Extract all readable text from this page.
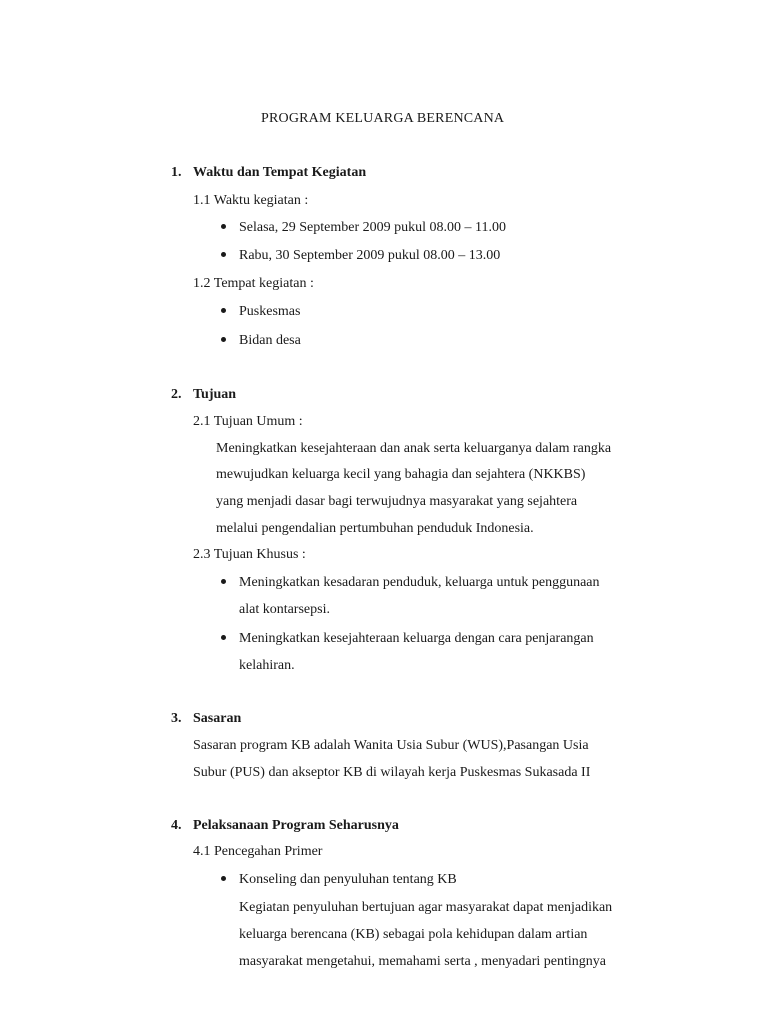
PROGRAM KELUARGA BERENCANA
1. Waktu dan Tempat Kegiatan
1.1 Waktu kegiatan :
Selasa, 29 September 2009 pukul 08.00 – 11.00
Rabu, 30 September 2009 pukul 08.00 – 13.00
1.2 Tempat kegiatan :
Puskesmas
Bidan desa
2. Tujuan
2.1 Tujuan Umum :
Meningkatkan kesejahteraan dan anak serta keluarganya dalam rangka
mewujudkan keluarga kecil yang bahagia dan sejahtera (NKKBS)
yang menjadi dasar bagi terwujudnya masyarakat yang sejahtera
melalui pengendalian pertumbuhan penduduk Indonesia.
2.3 Tujuan Khusus :
Meningkatkan kesadaran penduduk, keluarga untuk penggunaan
alat kontarsepsi.
Meningkatkan kesejahteraan keluarga dengan cara penjarangan
kelahiran.
3. Sasaran
Sasaran program KB adalah Wanita Usia Subur (WUS),Pasangan Usia
Subur (PUS) dan akseptor KB di wilayah kerja Puskesmas Sukasada II
4. Pelaksanaan Program Seharusnya
4.1 Pencegahan Primer
Konseling dan penyuluhan tentang KB
Kegiatan penyuluhan bertujuan agar masyarakat dapat menjadikan
keluarga berencana (KB) sebagai pola kehidupan dalam artian
masyarakat mengetahui, memahami serta , menyadari pentingnya
